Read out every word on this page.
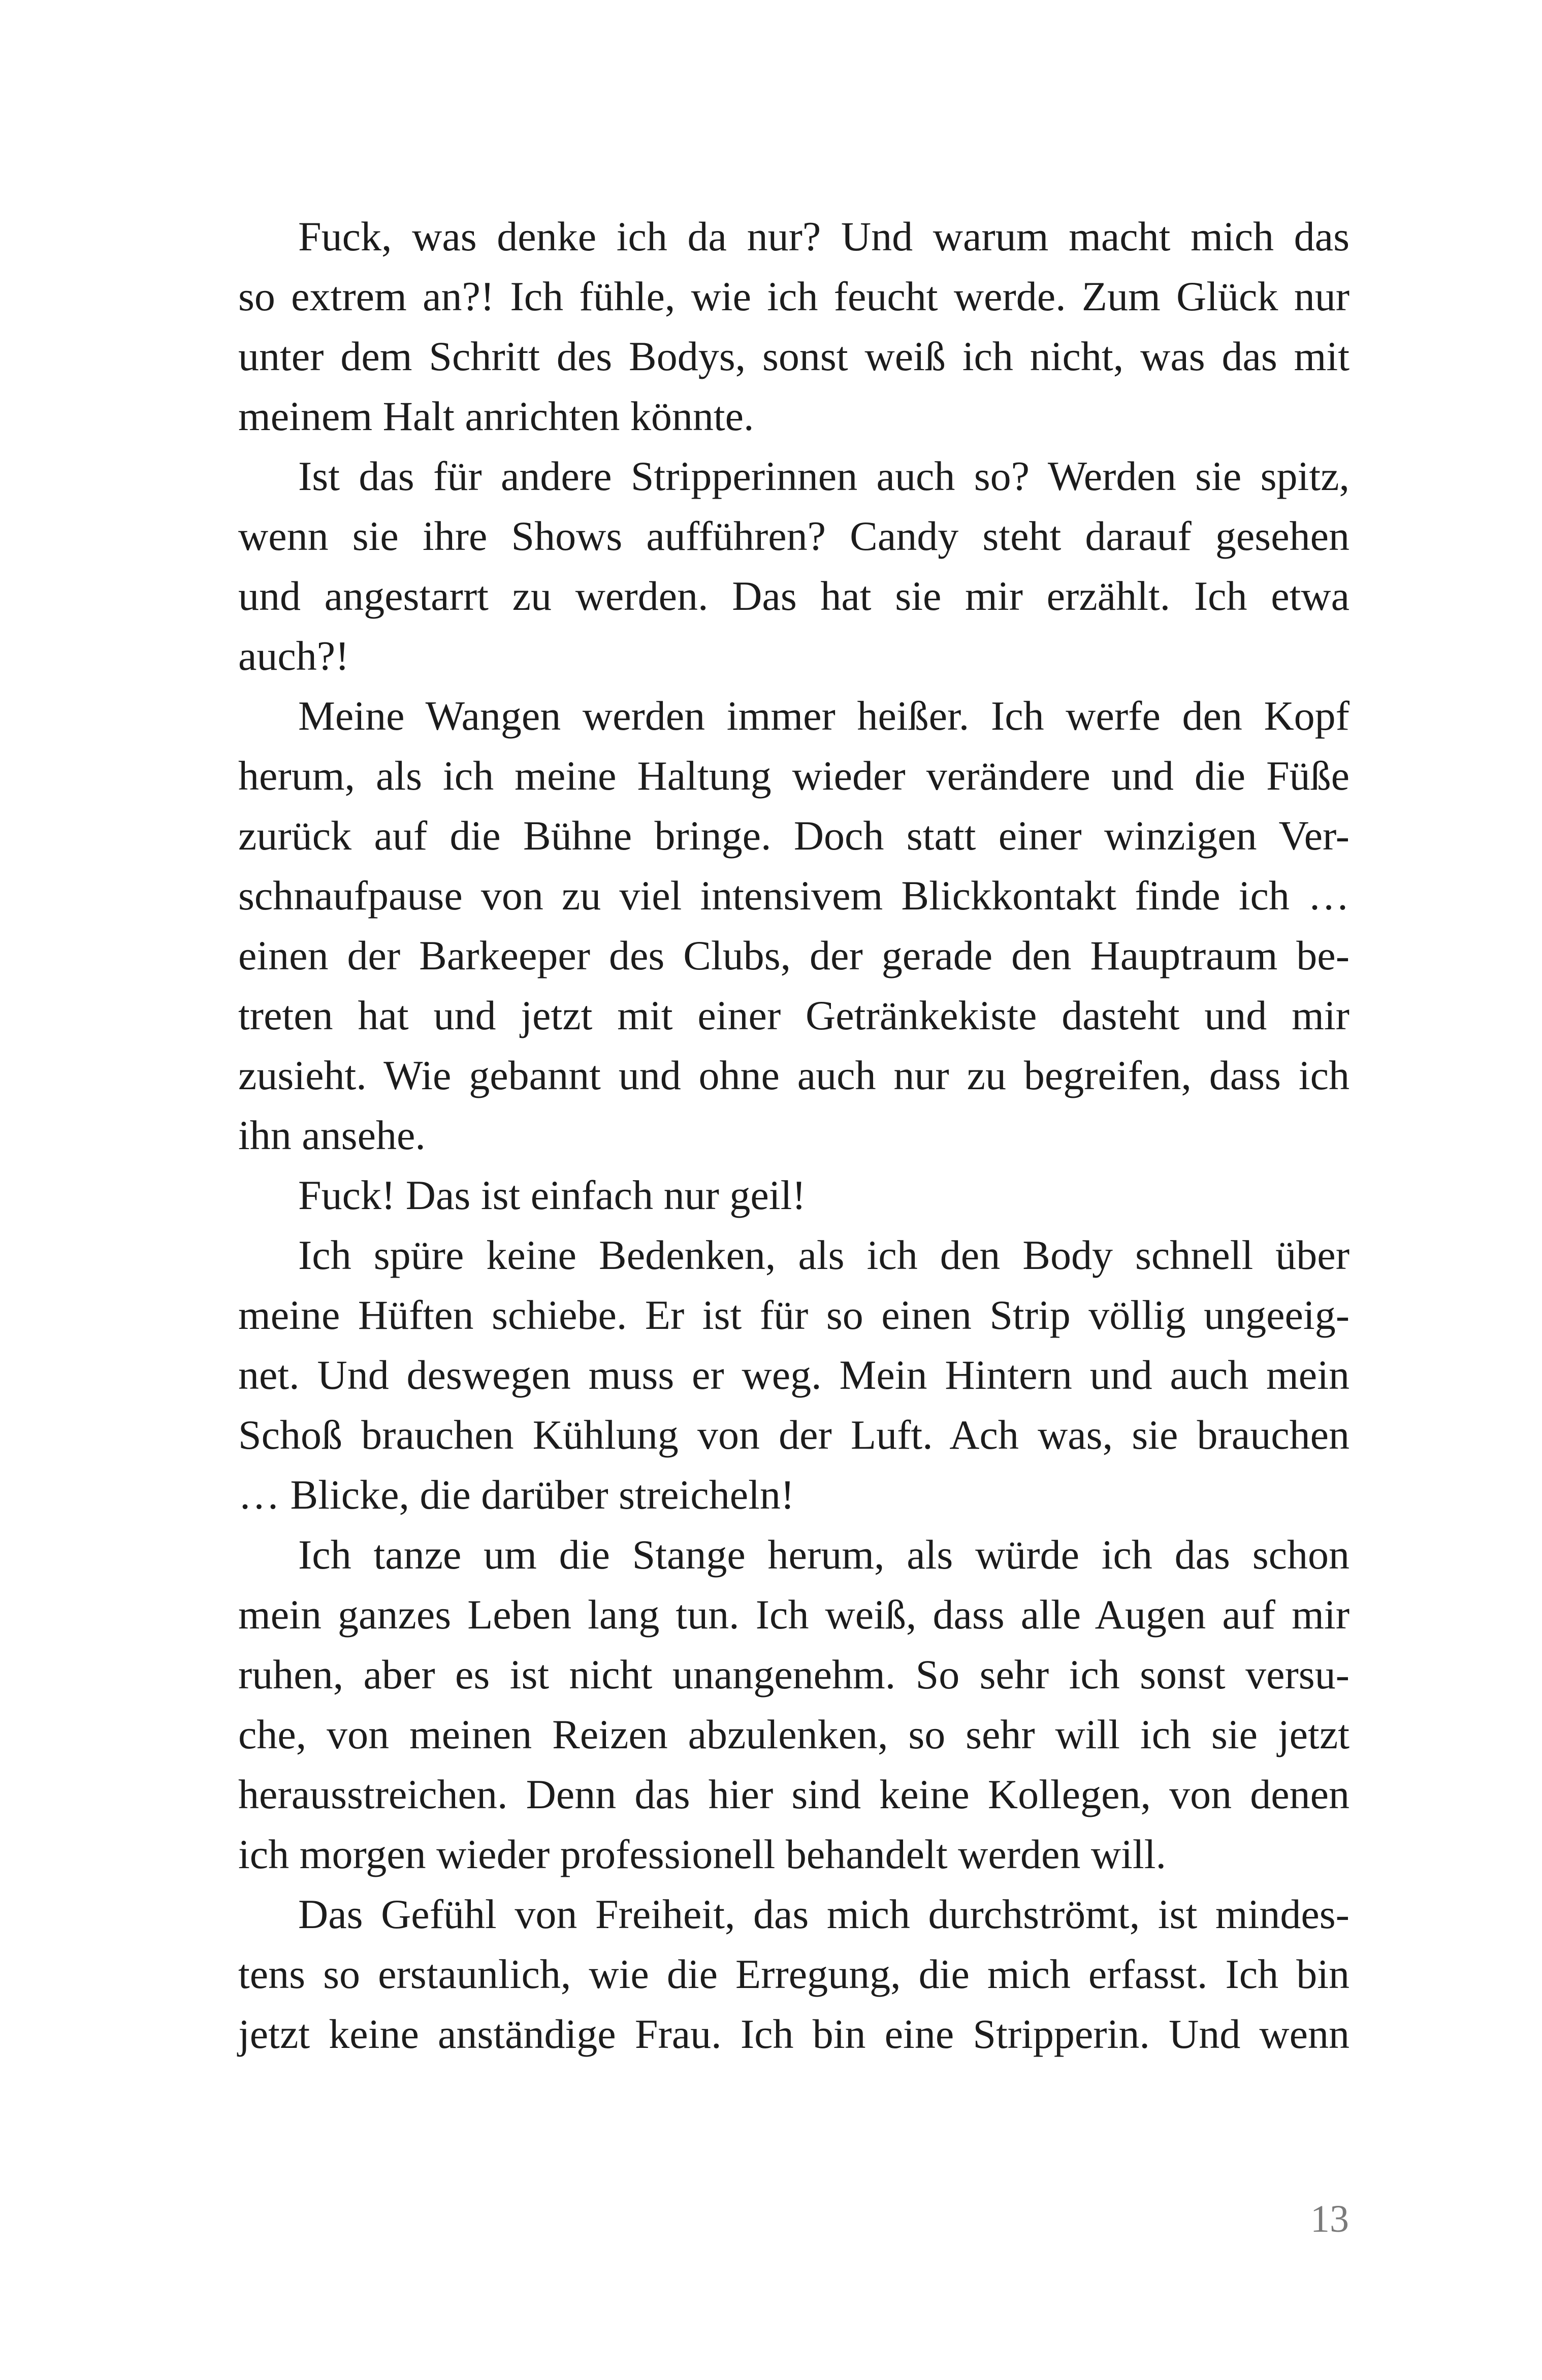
Fuck, was denke ich da nur? Und warum macht mich das
so extrem an?! Ich fühle, wie ich feucht werde. Zum Glück nur
unter dem Schritt des Bodys, sonst weiß ich nicht, was das mit
meinem Halt anrichten könnte.
Ist das für andere Stripperinnen auch so? Werden sie spitz,
wenn sie ihre Shows aufführen? Candy steht darauf gesehen
und angestarrt zu werden. Das hat sie mir erzählt. Ich etwa
auch?!
Meine Wangen werden immer heißer. Ich werfe den Kopf
herum, als ich meine Haltung wieder verändere und die Füße
zurück auf die Bühne bringe. Doch statt einer winzigen Ver-
schnaufpause von zu viel intensivem Blickkontakt finde ich …
einen der Barkeeper des Clubs, der gerade den Hauptraum be-
treten hat und jetzt mit einer Getränkekiste dasteht und mir
zusieht. Wie gebannt und ohne auch nur zu begreifen, dass ich
ihn ansehe.
Fuck! Das ist einfach nur geil!
Ich spüre keine Bedenken, als ich den Body schnell über
meine Hüften schiebe. Er ist für so einen Strip völlig ungeeig-
net. Und deswegen muss er weg. Mein Hintern und auch mein
Schoß brauchen Kühlung von der Luft. Ach was, sie brauchen
… Blicke, die darüber streicheln!
Ich tanze um die Stange herum, als würde ich das schon
mein ganzes Leben lang tun. Ich weiß, dass alle Augen auf mir
ruhen, aber es ist nicht unangenehm. So sehr ich sonst versu-
che, von meinen Reizen abzulenken, so sehr will ich sie jetzt
herausstreichen. Denn das hier sind keine Kollegen, von denen
ich morgen wieder professionell behandelt werden will.
Das Gefühl von Freiheit, das mich durchströmt, ist mindes-
tens so erstaunlich, wie die Erregung, die mich erfasst. Ich bin
jetzt keine anständige Frau. Ich bin eine Stripperin. Und wenn
13
